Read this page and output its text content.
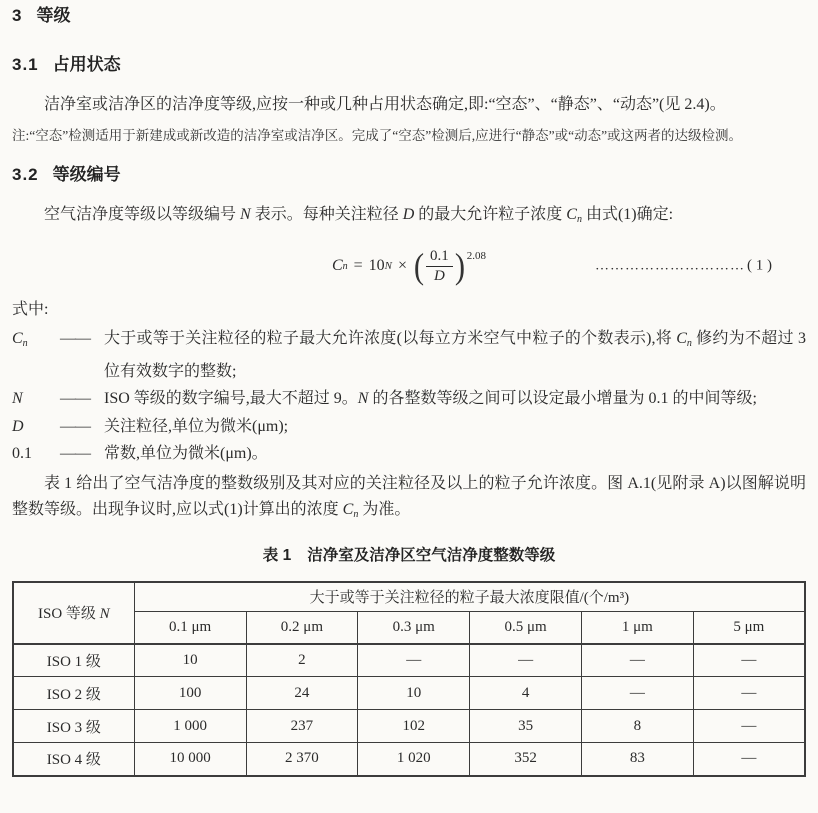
3 等级
3.1 占用状态

洁净室或洁净区的洁净度等级,应按一种或几种占用状态确定,即:“空态”、“静态”、“动态”(见 2.4)。

注:“空态”检测适用于新建成或新改造的洁净室或洁净区。完成了“空态”检测后,应进行“静态”或“动态”或这两者的达级检测。

3.2 等级编号

空气洁净度等级以等级编号 N 表示。每种关注粒径 D 的最大允许粒子浓度 $C_n$ 由式(1)确定:

C n = 10 N × ( $\frac{0.1}{D}$ ) 2.08
………………………… ( 1 )
式中:
$C_n$	—— 大于或等于关注粒径的粒子最大允许浓度(以每立方米空气中粒子的个数表示),将 $C_n$ 修约为不超过 3 位有效数字的整数;
N	—— ISO 等级的数字编号,最大不超过 9。N 的各整数等级之间可以设定最小增量为 0.1 的中间等级;
D	—— 关注粒径,单位为微米(μm);
0.1	—— 常数,单位为微米(μm)。

表 1 给出了空气洁净度的整数级别及其对应的关注粒径及以上的粒子允许浓度。图 A.1(见附录 A)以图解说明整数等级。出现争议时,应以式(1)计算出的浓度 $C_n$ 为准。

表 1 洁净室及洁净区空气洁净度整数等级
ISO 等级 N	大于或等于关注粒径的粒子最大浓度限值/(个/m³)					
	0.1 μm	0.2 μm	0.3 μm	0.5 μm	1 μm	5 μm
ISO 1 级	10	2	—	—	—	—
ISO 2 级	100	24	10	4	—	—
ISO 3 级	1 000	237	102	35	8	—
ISO 4 级	10 000	2 370	1 020	352	83	—
